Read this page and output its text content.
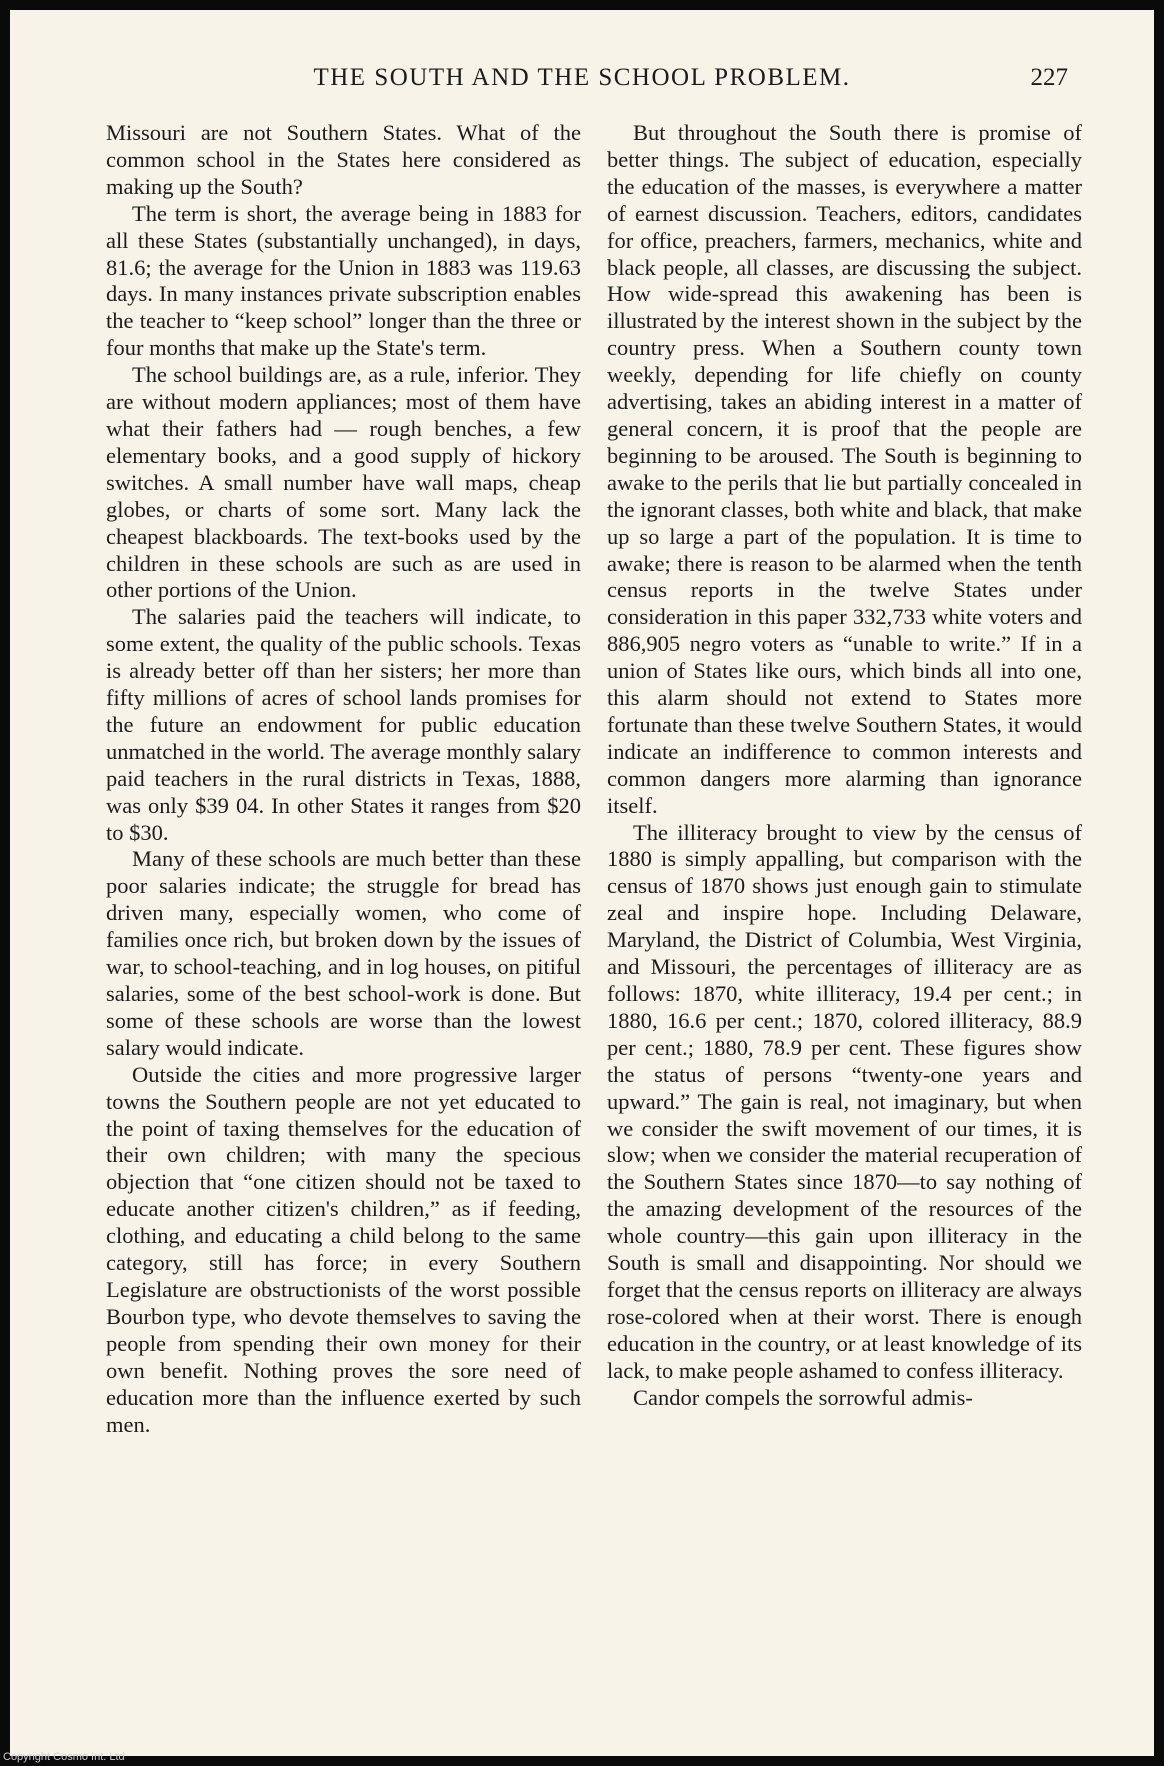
THE SOUTH AND THE SCHOOL PROBLEM.	227

Missouri are not Southern States. What of the common school in the States here considered as making up the South?

The term is short, the average being in 1883 for all these States (substantially unchanged), in days, 81.6; the average for the Union in 1883 was 119.63 days. In many instances private subscription enables the teacher to “keep school” longer than the three or four months that make up the State's term.

The school buildings are, as a rule, inferior. They are without modern appliances; most of them have what their fathers had — rough benches, a few elementary books, and a good supply of hickory switches. A small number have wall maps, cheap globes, or charts of some sort. Many lack the cheapest blackboards. The text-books used by the children in these schools are such as are used in other portions of the Union.

The salaries paid the teachers will indicate, to some extent, the quality of the public schools. Texas is already better off than her sisters; her more than fifty millions of acres of school lands promises for the future an endowment for public education unmatched in the world. The average monthly salary paid teachers in the rural districts in Texas, 1888, was only $39 04. In other States it ranges from $20 to $30.

Many of these schools are much better than these poor salaries indicate; the struggle for bread has driven many, especially women, who come of families once rich, but broken down by the issues of war, to school-teaching, and in log houses, on pitiful salaries, some of the best school-work is done. But some of these schools are worse than the lowest salary would indicate.

Outside the cities and more progressive larger towns the Southern people are not yet educated to the point of taxing themselves for the education of their own children; with many the specious objection that “one citizen should not be taxed to educate another citizen's children,” as if feeding, clothing, and educating a child belong to the same category, still has force; in every Southern Legislature are obstructionists of the worst possible Bourbon type, who devote themselves to saving the people from spending their own money for their own benefit. Nothing proves the sore need of education more than the influence exerted by such men.

But throughout the South there is promise of better things. The subject of education, especially the education of the masses, is everywhere a matter of earnest discussion. Teachers, editors, candidates for office, preachers, farmers, mechanics, white and black people, all classes, are discussing the subject. How wide-spread this awakening has been is illustrated by the interest shown in the subject by the country press. When a Southern county town weekly, depending for life chiefly on county advertising, takes an abiding interest in a matter of general concern, it is proof that the people are beginning to be aroused. The South is beginning to awake to the perils that lie but partially concealed in the ignorant classes, both white and black, that make up so large a part of the population. It is time to awake; there is reason to be alarmed when the tenth census reports in the twelve States under consideration in this paper 332,733 white voters and 886,905 negro voters as “unable to write.” If in a union of States like ours, which binds all into one, this alarm should not extend to States more fortunate than these twelve Southern States, it would indicate an indifference to common interests and common dangers more alarming than ignorance itself.

The illiteracy brought to view by the census of 1880 is simply appalling, but comparison with the census of 1870 shows just enough gain to stimulate zeal and inspire hope. Including Delaware, Maryland, the District of Columbia, West Virginia, and Missouri, the percentages of illiteracy are as follows: 1870, white illiteracy, 19.4 per cent.; in 1880, 16.6 per cent.; 1870, colored illiteracy, 88.9 per cent.; 1880, 78.9 per cent. These figures show the status of persons “twenty-one years and upward.” The gain is real, not imaginary, but when we consider the swift movement of our times, it is slow; when we consider the material recuperation of the Southern States since 1870—to say nothing of the amazing development of the resources of the whole country—this gain upon illiteracy in the South is small and disappointing. Nor should we forget that the census reports on illiteracy are always rose-colored when at their worst. There is enough education in the country, or at least knowledge of its lack, to make people ashamed to confess illiteracy.

Candor compels the sorrowful admis-

Copyright Cosmo Int. Ltd
